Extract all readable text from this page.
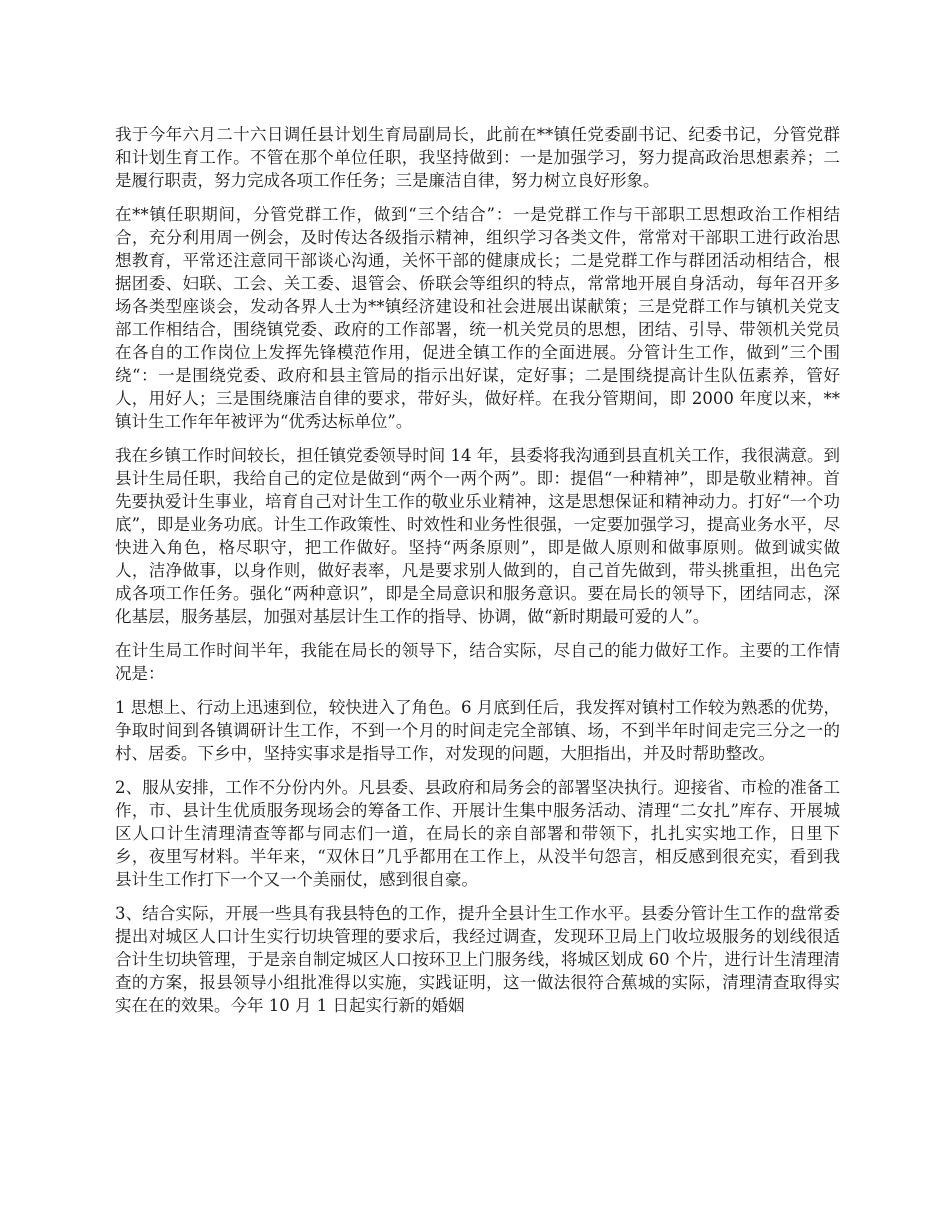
我于今年六月二十六日调任县计划生育局副局长，此前在**镇任党委副书记、纪委书记，分管党群和计划生育工作。不管在那个单位任职，我坚持做到：一是加强学习，努力提高政治思想素养；二是履行职责，努力完成各项工作任务；三是廉洁自律，努力树立良好形象。

在**镇任职期间，分管党群工作，做到“三个结合”：一是党群工作与干部职工思想政治工作相结合，充分利用周一例会，及时传达各级指示精神，组织学习各类文件，常常对干部职工进行政治思想教育，平常还注意同干部谈心沟通，关怀干部的健康成长；二是党群工作与群团活动相结合，根据团委、妇联、工会、关工委、退管会、侨联会等组织的特点，常常地开展自身活动，每年召开多场各类型座谈会，发动各界人士为**镇经济建设和社会进展出谋献策；三是党群工作与镇机关党支部工作相结合，围绕镇党委、政府的工作部署，统一机关党员的思想，团结、引导、带领机关党员在各自的工作岗位上发挥先锋模范作用，促进全镇工作的全面进展。分管计生工作，做到”三个围绕“：一是围绕党委、政府和县主管局的指示出好谋，定好事；二是围绕提高计生队伍素养，管好人，用好人；三是围绕廉洁自律的要求，带好头，做好样。在我分管期间，即 2000 年度以来，**镇计生工作年年被评为“优秀达标单位”。

我在乡镇工作时间较长，担任镇党委领导时间 14 年，县委将我沟通到县直机关工作，我很满意。到县计生局任职，我给自己的定位是做到“两个一两个两”。即：提倡“一种精神”，即是敬业精神。首先要执爱计生事业，培育自己对计生工作的敬业乐业精神，这是思想保证和精神动力。打好“一个功底”，即是业务功底。计生工作政策性、时效性和业务性很强，一定要加强学习，提高业务水平，尽快进入角色，格尽职守，把工作做好。坚持“两条原则”，即是做人原则和做事原则。做到诚实做人，洁净做事，以身作则，做好表率，凡是要求别人做到的，自己首先做到，带头挑重担，出色完成各项工作任务。强化“两种意识”，即是全局意识和服务意识。要在局长的领导下，团结同志，深化基层，服务基层，加强对基层计生工作的指导、协调，做“新时期最可爱的人”。

在计生局工作时间半年，我能在局长的领导下，结合实际，尽自己的能力做好工作。主要的工作情况是：

1 思想上、行动上迅速到位，较快进入了角色。6 月底到任后，我发挥对镇村工作较为熟悉的优势，争取时间到各镇调研计生工作，不到一个月的时间走完全部镇、场，不到半年时间走完三分之一的村、居委。下乡中，坚持实事求是指导工作，对发现的问题，大胆指出，并及时帮助整改。

2、服从安排，工作不分份内外。凡县委、县政府和局务会的部署坚决执行。迎接省、市检的准备工作，市、县计生优质服务现场会的筹备工作、开展计生集中服务活动、清理“二女扎”库存、开展城区人口计生清理清查等都与同志们一道，在局长的亲自部署和带领下，扎扎实实地工作，日里下乡，夜里写材料。半年来，“双休日”几乎都用在工作上，从没半句怨言，相反感到很充实，看到我县计生工作打下一个又一个美丽仗，感到很自豪。

3、结合实际，开展一些具有我县特色的工作，提升全县计生工作水平。县委分管计生工作的盘常委提出对城区人口计生实行切块管理的要求后，我经过调查，发现环卫局上门收垃圾服务的划线很适合计生切块管理，于是亲自制定城区人口按环卫上门服务线，将城区划成 60 个片，进行计生清理清查的方案，报县领导小组批准得以实施，实践证明，这一做法很符合蕉城的实际，清理清查取得实实在在的效果。今年 10 月 1 日起实行新的婚姻
